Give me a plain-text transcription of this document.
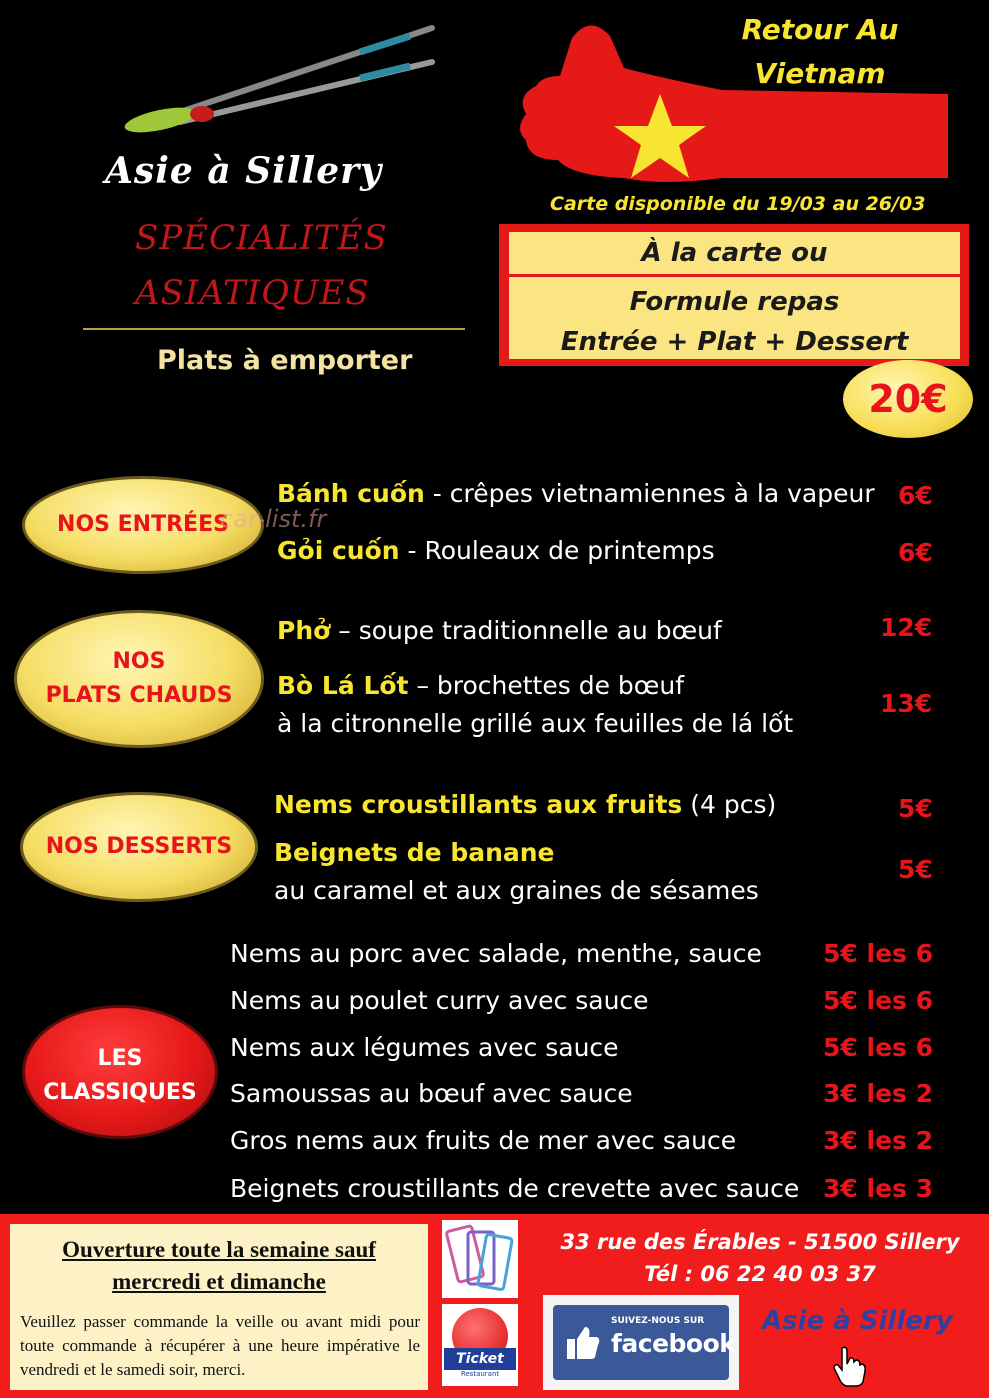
Asie à Sillery
SPÉCIALITÉS
ASIATIQUES
Plats à emporter
Retour Au
Vietnam
Carte disponible du 19/03 au 26/03
À la carte ou
Formule repas
Entrée + Plat + Dessert
20€
NOS ENTRÉES
car-list.fr
Bánh cuốn - crêpes vietnamiennes à la vapeur 6€
Gỏi cuốn - Rouleaux de printemps	6€
NOS
PLATS CHAUDS
Phở – soupe traditionnelle au bœuf	12€
Bò Lá Lốt – brochettes de bœuf
à la citronnelle grillé aux feuilles de lá lốt
13€
NOS DESSERTS
Nems croustillants aux fruits (4 pcs)	5€
Beignets de banane
au caramel et aux graines de sésames
5€
LES
CLASSIQUES
Nems au porc avec salade, menthe, sauce 5€ les 6
Nems au poulet curry avec sauce	5€ les 6
Nems aux légumes avec sauce	5€ les 6
Samoussas au bœuf avec sauce	3€ les 2
Gros nems aux fruits de mer avec sauce	3€ les 2
Beignets croustillants de crevette avec sauce 3€ les 3
Ouverture toute la semaine sauf
mercredi et dimanche
Veuillez passer commande la veille ou avant midi pour toute commande à récupérer à une heure impérative le vendredi et le samedi soir, merci.
Ticket
Restaurant
33 rue des Érables - 51500 Sillery
Tél : 06 22 40 03 37
SUIVEZ-NOUS SUR
facebook
Asie à Sillery
